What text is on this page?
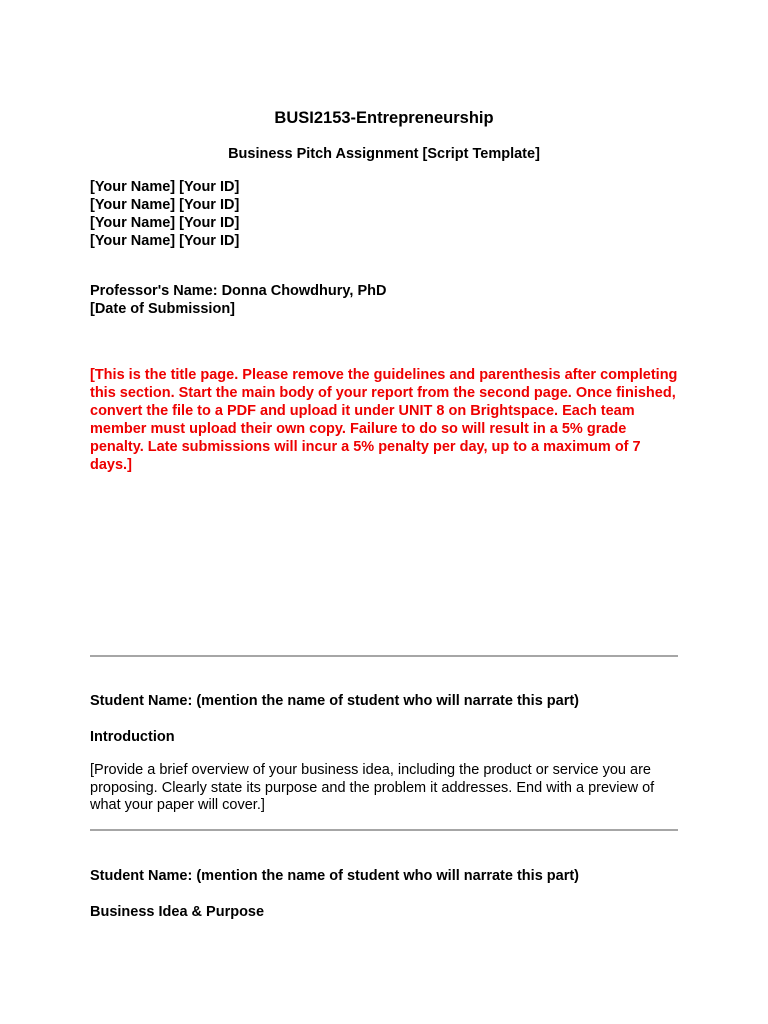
BUSI2153-Entrepreneurship
Business Pitch Assignment [Script Template]
[Your Name] [Your ID]
[Your Name] [Your ID]
[Your Name] [Your ID]
[Your Name] [Your ID]
Professor's Name: Donna Chowdhury, PhD
[Date of Submission]
[This is the title page. Please remove the guidelines and parenthesis after completing this section. Start the main body of your report from the second page. Once finished, convert the file to a PDF and upload it under UNIT 8 on Brightspace. Each team member must upload their own copy. Failure to do so will result in a 5% grade penalty. Late submissions will incur a 5% penalty per day, up to a maximum of 7 days.]
Student Name: (mention the name of student who will narrate this part)
Introduction
[Provide a brief overview of your business idea, including the product or service you are proposing. Clearly state its purpose and the problem it addresses. End with a preview of what your paper will cover.]
Student Name: (mention the name of student who will narrate this part)
Business Idea & Purpose
